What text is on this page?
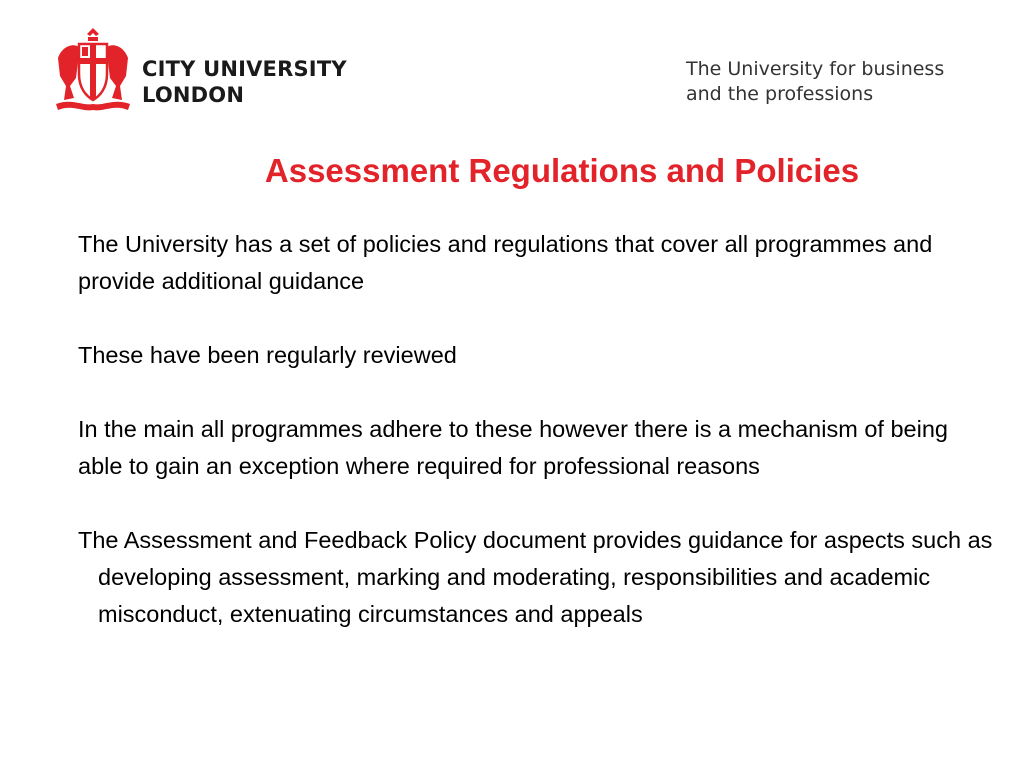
CITY UNIVERSITY
LONDON
The University for business
and the professions
Assessment Regulations and Policies

The University has a set of policies and regulations that cover all programmes and provide additional guidance

These have been regularly reviewed

In the main all programmes adhere to these however there is a mechanism of being able to gain an exception where required for professional reasons

The Assessment and Feedback Policy document provides guidance for aspects such as developing assessment, marking and moderating, responsibilities and academic misconduct, extenuating circumstances and appeals
